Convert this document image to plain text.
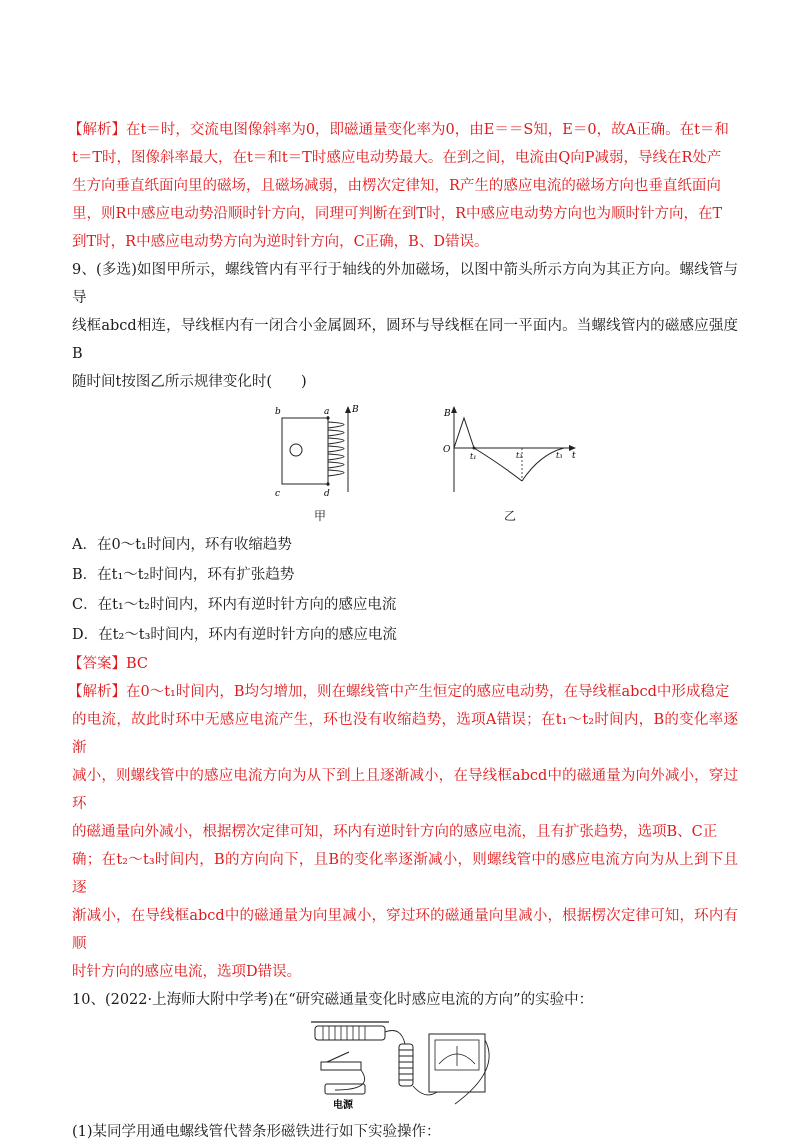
【解析】在t＝时，交流电图像斜率为0，即磁通量变化率为0，由E＝＝S知，E＝0，故A正确。在t＝和

t＝T时，图像斜率最大，在t＝和t＝T时感应电动势最大。在到之间，电流由Q向P减弱，导线在R处产

生方向垂直纸面向里的磁场，且磁场减弱，由楞次定律知，R产生的感应电流的磁场方向也垂直纸面向

里，则R中感应电动势沿顺时针方向，同理可判断在到T时，R中感应电动势方向也为顺时针方向，在T

到T时，R中感应电动势方向为逆时针方向，C正确，B、D错误。

9、(多选)如图甲所示，螺线管内有平行于轴线的外加磁场，以图中箭头所示方向为其正方向。螺线管与导

线框abcd相连，导线框内有一闭合小金属圆环，圆环与导线框在同一平面内。当螺线管内的磁感应强度B

随时间t按图乙所示规律变化时(　　)

b	a	B
c	d
甲
B
O
t₁	t₂	t₃ t
乙

A．在0～t₁时间内，环有收缩趋势

B．在t₁～t₂时间内，环有扩张趋势

C．在t₁～t₂时间内，环内有逆时针方向的感应电流

D．在t₂～t₃时间内，环内有逆时针方向的感应电流

【答案】BC

【解析】在0～t₁时间内，B均匀增加，则在螺线管中产生恒定的感应电动势，在导线框abcd中形成稳定

的电流，故此时环中无感应电流产生，环也没有收缩趋势，选项A错误；在t₁～t₂时间内，B的变化率逐渐

减小，则螺线管中的感应电流方向为从下到上且逐渐减小，在导线框abcd中的磁通量为向外减小，穿过环

的磁通量向外减小，根据楞次定律可知，环内有逆时针方向的感应电流，且有扩张趋势，选项B、C正

确；在t₂～t₃时间内，B的方向向下，且B的变化率逐渐减小，则螺线管中的感应电流方向为从上到下且逐

渐减小，在导线框abcd中的磁通量为向里减小，穿过环的磁通量向里减小，根据楞次定律可知，环内有顺

时针方向的感应电流，选项D错误。

10、(2022·上海师大附中学考)在“研究磁通量变化时感应电流的方向”的实验中：

电源

(1)某同学用通电螺线管代替条形磁铁进行如下实验操作：
